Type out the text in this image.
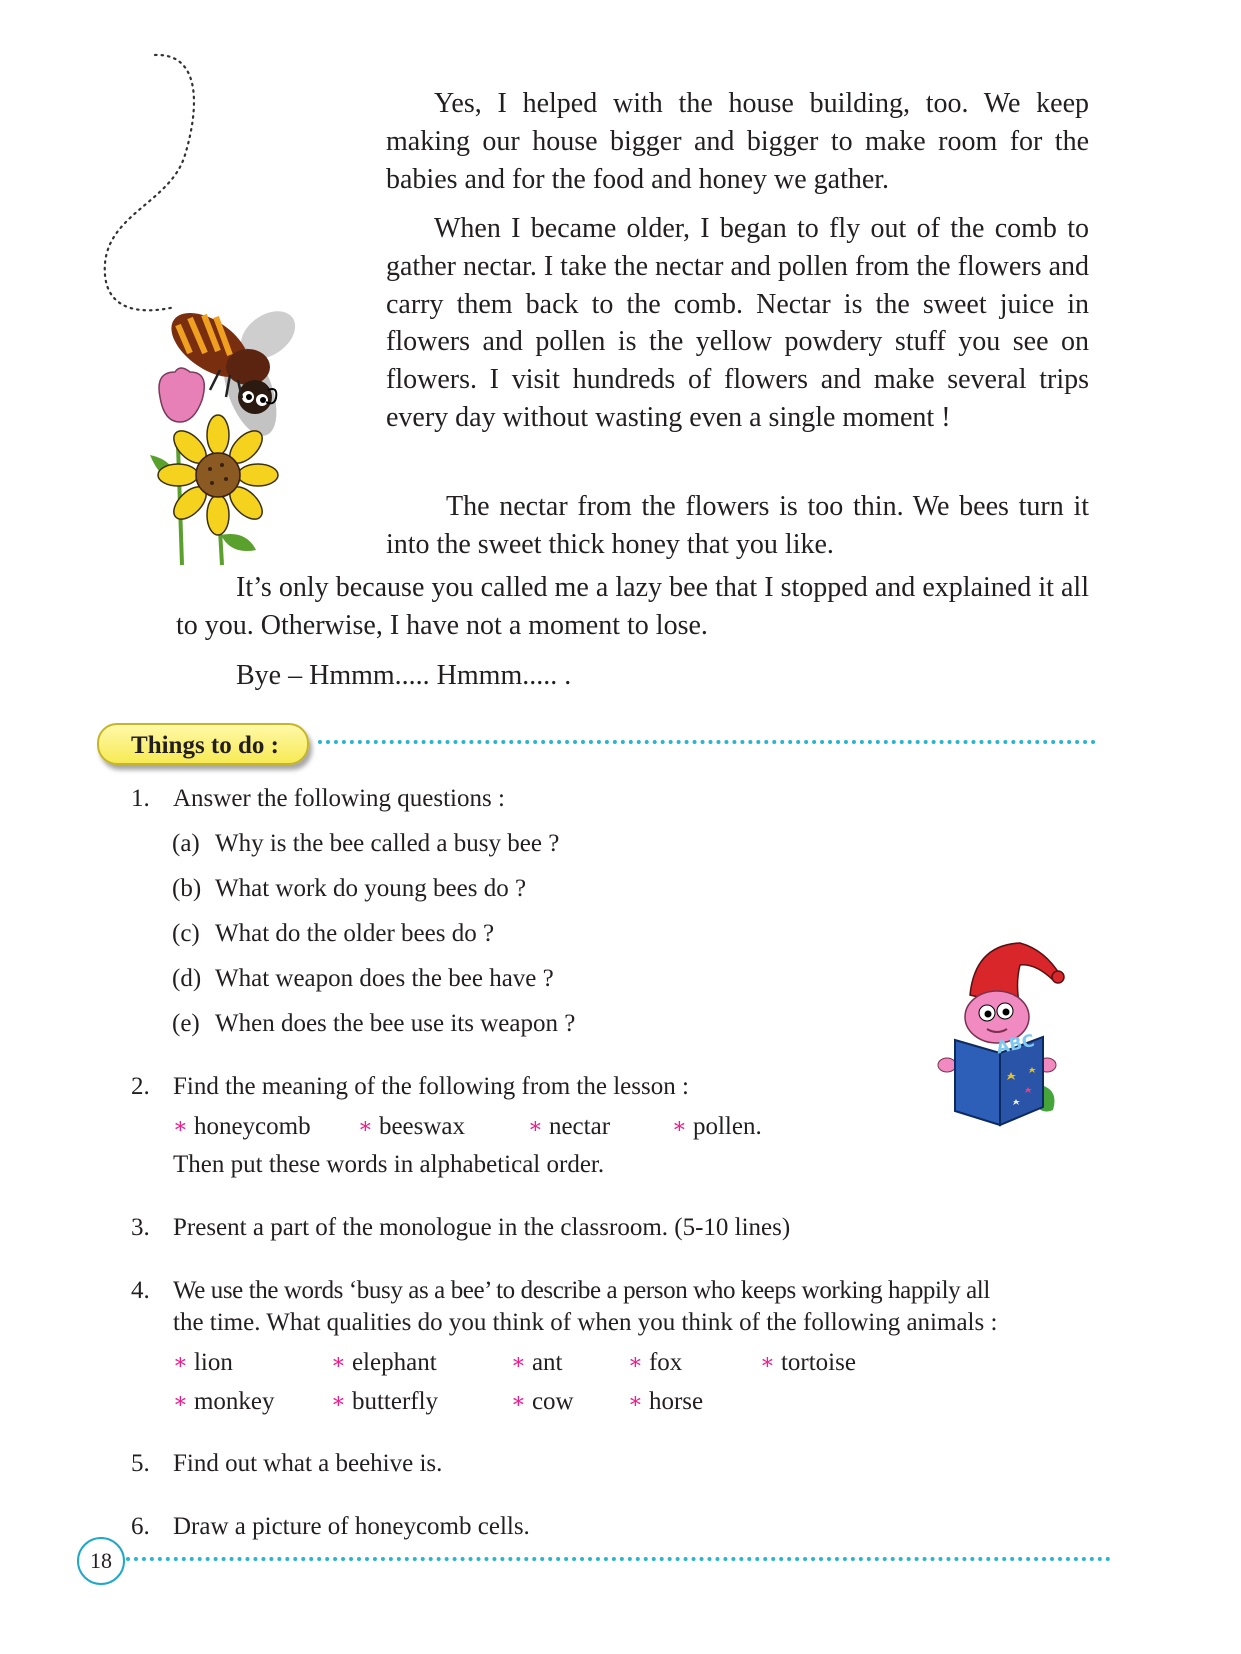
Yes, I helped with the house building, too. We keep making our house bigger and bigger to make room for the babies and for the food and honey we gather.

When I became older, I began to fly out of the comb to gather nectar. I take the nectar and pollen from the flowers and carry them back to the comb. Nectar is the sweet juice in flowers and pollen is the yellow powdery stuff you see on flowers. I visit hundreds of flowers and make several trips every day without wasting even a single moment !

The nectar from the flowers is too thin. We bees turn it into the sweet thick honey that you like.

It’s only because you called me a lazy bee that I stopped and explained it all to you. Otherwise, I have not a moment to lose.

Bye – Hmmm..... Hmmm..... .

Things to do :
1. Answer the following questions :
(a) Why is the bee called a busy bee ?
(b) What work do young bees do ?
(c) What do the older bees do ?
(d) What weapon does the bee have ?
(e) When does the bee use its weapon ?
ABC
2. Find the meaning of the following from the lesson :
∗ honeycomb ∗ beeswax	∗ nectar	∗ pollen.
Then put these words in alphabetical order.
3. Present a part of the monologue in the classroom. (5-10 lines)
4. We use the words ‘busy as a bee’ to describe a person who keeps working happily all
the time. What qualities do you think of when you think of the following animals :
∗ lion	∗ elephant	∗ ant	∗ fox	∗ tortoise
∗ monkey	∗ butterfly	∗ cow ∗ horse
5. Find out what a beehive is.
6. Draw a picture of honeycomb cells.
18
